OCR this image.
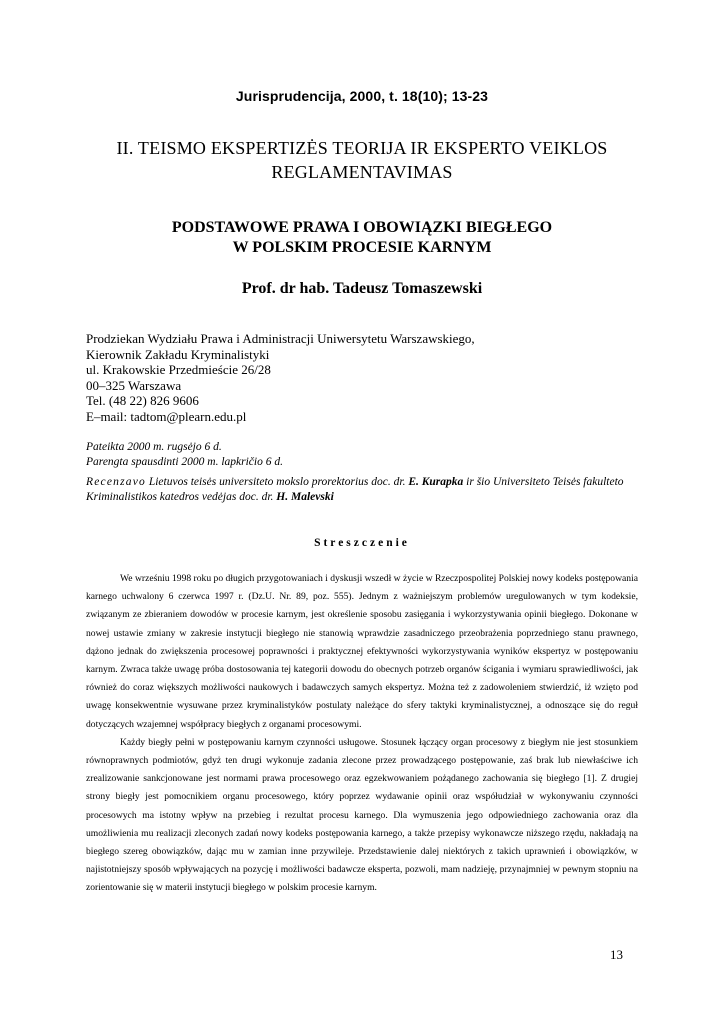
Jurisprudencija, 2000, t. 18(10); 13-23
II. TEISMO EKSPERTIZĖS TEORIJA IR EKSPERTO VEIKLOS
REGLAMENTAVIMAS
PODSTAWOWE PRAWA I OBOWIĄZKI BIEGŁEGO
W POLSKIM PROCESIE KARNYM
Prof. dr hab. Tadeusz Tomaszewski
Prodziekan Wydziału Prawa i Administracji Uniwersytetu Warszawskiego,
Kierownik Zakładu Kryminalistyki
ul. Krakowskie Przedmieście 26/28
00–325 Warszawa
Tel. (48 22) 826 9606
E–mail: tadtom@plearn.edu.pl
Pateikta 2000 m. rugsėjo 6 d.
Parengta spausdinti 2000 m. lapkričio 6 d.
Recenzavo Lietuvos teisės universiteto mokslo prorektorius doc. dr. E. Kurapka ir šio Universiteto Teisės fakulteto Kriminalistikos katedros vedėjas doc. dr. H. Malevski
Streszczenie

We wrześniu 1998 roku po długich przygotowaniach i dyskusji wszedł w życie w Rzeczpospolitej Polskiej nowy kodeks postępowania karnego uchwalony 6 czerwca 1997 r. (Dz.U. Nr. 89, poz. 555). Jednym z ważniejszym problemów uregulowanych w tym kodeksie, związanym ze zbieraniem dowodów w procesie karnym, jest określenie sposobu zasięgania i wykorzystywania opinii biegłego. Dokonane w nowej ustawie zmiany w zakresie instytucji biegłego nie stanowią wprawdzie zasadniczego przeobrażenia poprzedniego stanu prawnego, dążono jednak do zwiększenia procesowej poprawności i praktycznej efektywności wykorzystywania wyników ekspertyz w postępowaniu karnym. Zwraca także uwagę próba dostosowania tej kategorii dowodu do obecnych potrzeb organów ścigania i wymiaru sprawiedliwości, jak również do coraz większych możliwości naukowych i badawczych samych ekspertyz. Można też z zadowoleniem stwierdzić, iż wzięto pod uwagę konsekwentnie wysuwane przez kryminalistyków postulaty należące do sfery taktyki kryminalistycznej, a odnoszące się do reguł dotyczących wzajemnej współpracy biegłych z organami procesowymi.

Każdy biegły pełni w postępowaniu karnym czynności usługowe. Stosunek łączący organ procesowy z biegłym nie jest stosunkiem równoprawnych podmiotów, gdyż ten drugi wykonuje zadania zlecone przez prowadzącego postępowanie, zaś brak lub niewłaściwe ich zrealizowanie sankcjonowane jest normami prawa procesowego oraz egzekwowaniem pożądanego zachowania się biegłego [1]. Z drugiej strony biegły jest pomocnikiem organu procesowego, który poprzez wydawanie opinii oraz współudział w wykonywaniu czynności procesowych ma istotny wpływ na przebieg i rezultat procesu karnego. Dla wymuszenia jego odpowiedniego zachowania oraz dla umożliwienia mu realizacji zleconych zadań nowy kodeks postępowania karnego, a także przepisy wykonawcze niższego rzędu, nakładają na biegłego szereg obowiązków, dając mu w zamian inne przywileje. Przedstawienie dalej niektórych z takich uprawnień i obowiązków, w najistotniejszy sposób wpływających na pozycję i możliwości badawcze eksperta, pozwoli, mam nadzieję, przynajmniej w pewnym stopniu na zorientowanie się w materii instytucji biegłego w polskim procesie karnym.

13
